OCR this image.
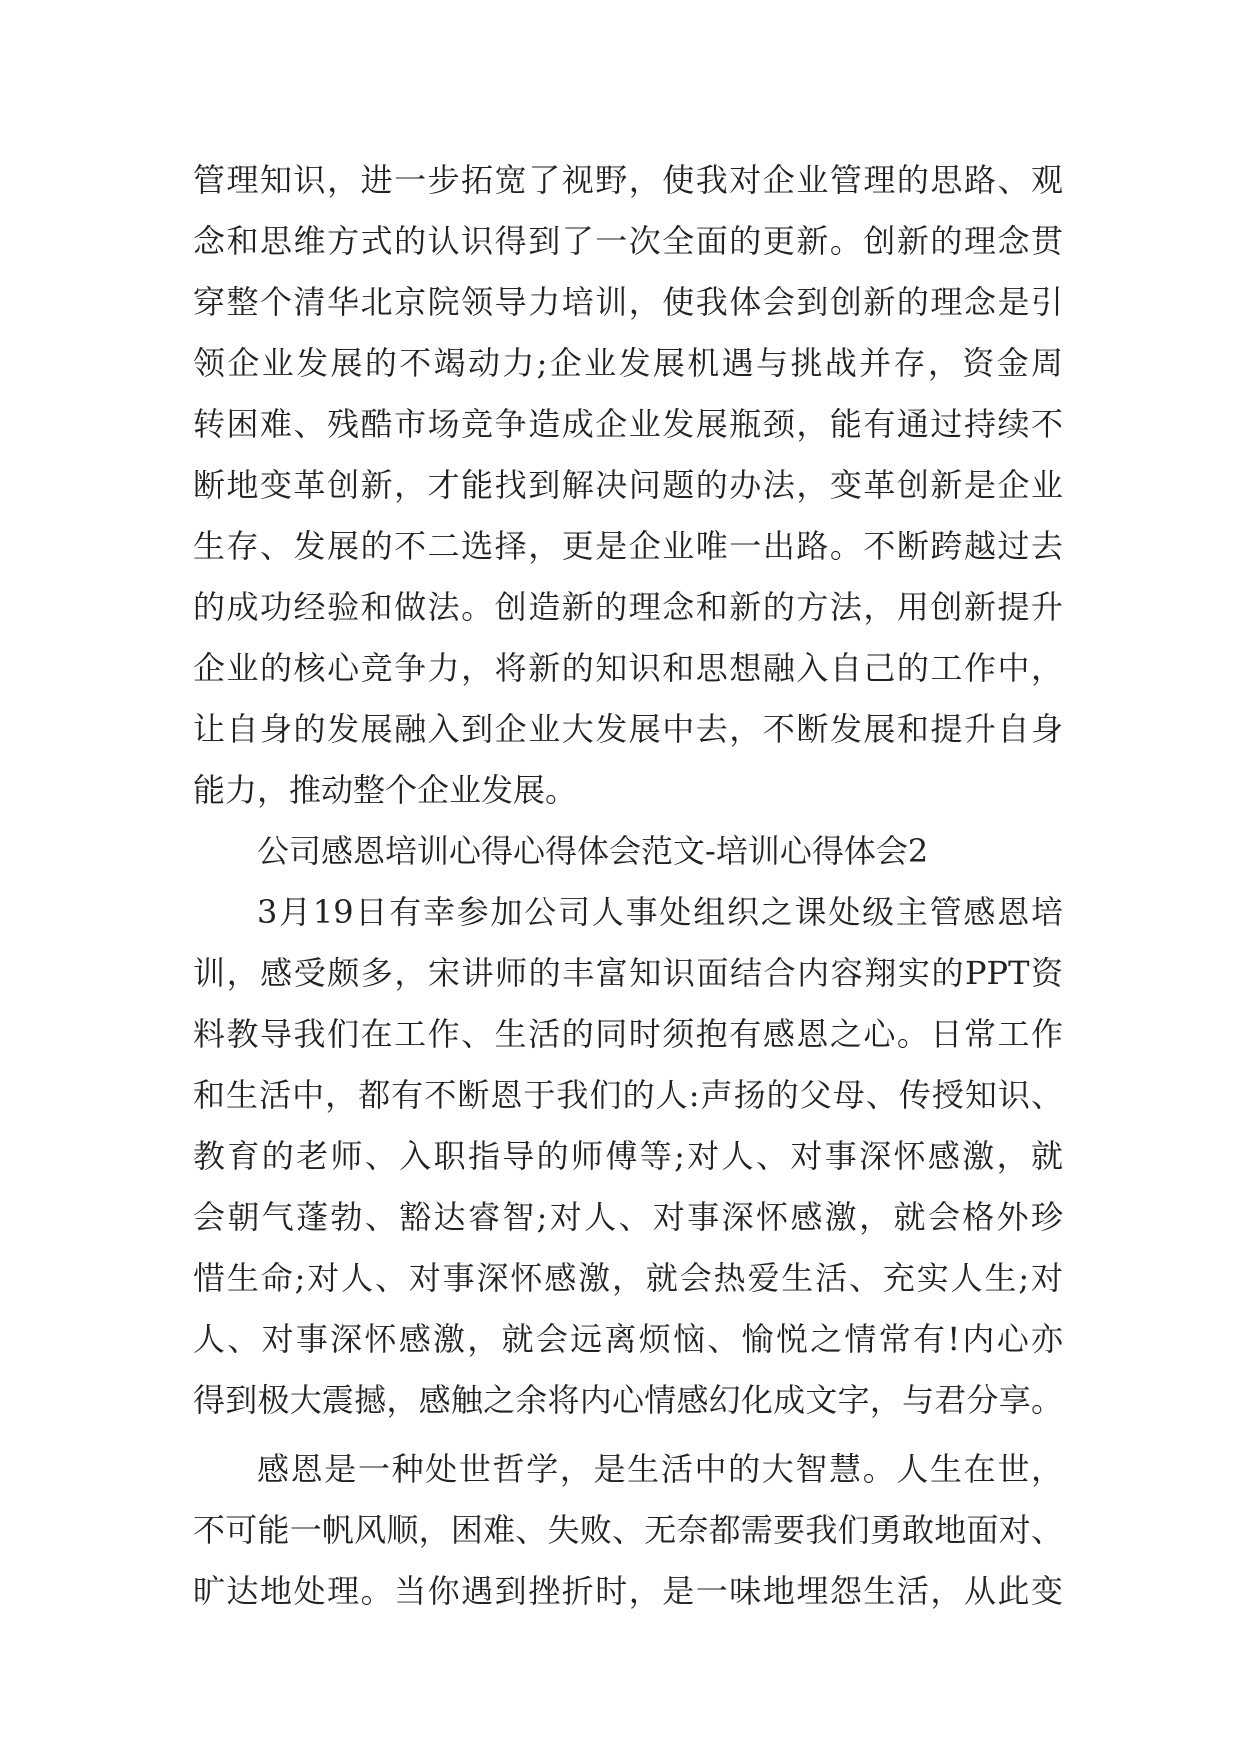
管理知识，进一步拓宽了视野，使我对企业管理的思路、观
念和思维方式的认识得到了一次全面的更新。创新的理念贯
穿整个清华北京院领导力培训，使我体会到创新的理念是引
领企业发展的不竭动力;企业发展机遇与挑战并存，资金周
转困难、残酷市场竞争造成企业发展瓶颈，能有通过持续不
断地变革创新，才能找到解决问题的办法，变革创新是企业
生存、发展的不二选择，更是企业唯一出路。不断跨越过去
的成功经验和做法。创造新的理念和新的方法，用创新提升
企业的核心竞争力，将新的知识和思想融入自己的工作中，
让自身的发展融入到企业大发展中去，不断发展和提升自身
能力，推动整个企业发展。
公司感恩培训心得心得体会范文-培训心得体会2
3月19日有幸参加公司人事处组织之课处级主管感恩培
训，感受颇多，宋讲师的丰富知识面结合内容翔实的PPT资
料教导我们在工作、生活的同时须抱有感恩之心。日常工作
和生活中，都有不断恩于我们的人:声扬的父母、传授知识、
教育的老师、入职指导的师傅等;对人、对事深怀感激，就
会朝气蓬勃、豁达睿智;对人、对事深怀感激，就会格外珍
惜生命;对人、对事深怀感激，就会热爱生活、充实人生;对
人、对事深怀感激，就会远离烦恼、愉悦之情常有!内心亦
得到极大震撼，感触之余将内心情感幻化成文字，与君分享。
感恩是一种处世哲学，是生活中的大智慧。人生在世，
不可能一帆风顺，困难、失败、无奈都需要我们勇敢地面对、
旷达地处理。当你遇到挫折时，是一味地埋怨生活，从此变
